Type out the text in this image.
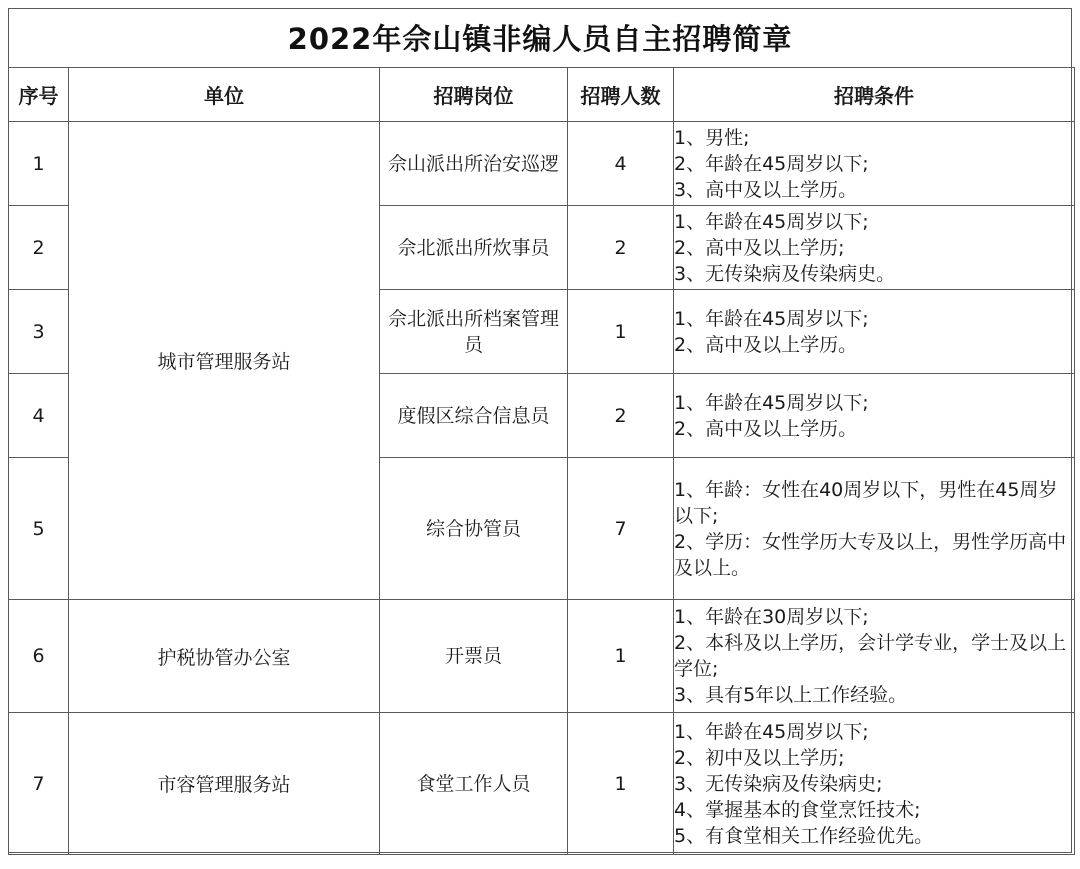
2022年佘山镇非编人员自主招聘简章
序号	单位	招聘岗位	招聘人数	招聘条件
1	城市管理服务站	佘山派出所治安巡逻	4	1、男性;
2、年龄在45周岁以下;
3、高中及以上学历。

2		佘北派出所炊事员	2	1、年龄在45周岁以下;
2、高中及以上学历;
3、无传染病及传染病史。

3		佘北派出所档案管理员	1	1、年龄在45周岁以下;
2、高中及以上学历。

4		度假区综合信息员	2	1、年龄在45周岁以下;
2、高中及以上学历。

5		综合协管员	7	1、年龄：女性在40周岁以下，男性在45周岁以下;
2、学历：女性学历大专及以上，男性学历高中及以上。

6	护税协管办公室	开票员	1	1、年龄在30周岁以下;
2、本科及以上学历，会计学专业，学士及以上学位;
3、具有5年以上工作经验。

7	市容管理服务站	食堂工作人员	1	1、年龄在45周岁以下;
2、初中及以上学历;
3、无传染病及传染病史;
4、掌握基本的食堂烹饪技术;
5、有食堂相关工作经验优先。
